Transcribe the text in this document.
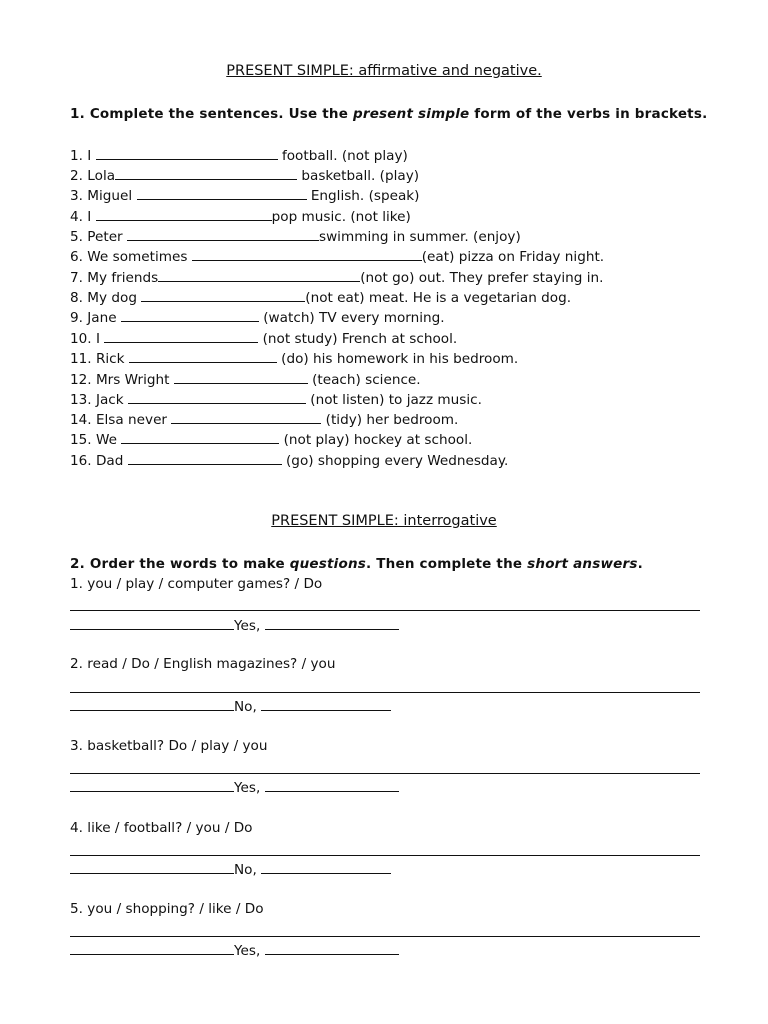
PRESENT SIMPLE: affirmative and negative.
1. Complete the sentences. Use the present simple form of the verbs in brackets.
1. I	football. (not play)
2. Lola	basketball. (play)
3. Miguel	English. (speak)
4. I	pop music. (not like)
5. Peter	swimming in summer. (enjoy)
6. We sometimes	(eat) pizza on Friday night.
7. My friends	(not go) out. They prefer staying in.
8. My dog	(not eat) meat. He is a vegetarian dog.
9. Jane	(watch) TV every morning.
10. I	(not study) French at school.
11. Rick	(do) his homework in his bedroom.
12. Mrs Wright	(teach) science.
13. Jack	(not listen) to jazz music.
14. Elsa never	(tidy) her bedroom.
15. We	(not play) hockey at school.
16. Dad	(go) shopping every Wednesday.
PRESENT SIMPLE: interrogative
2. Order the words to make questions. Then complete the short answers.
1. you / play / computer games? / Do
Yes,
2. read / Do / English magazines? / you
No,
3. basketball? Do / play / you
Yes,
4. like / football? / you / Do
No,
5. you / shopping? / like / Do
Yes,
